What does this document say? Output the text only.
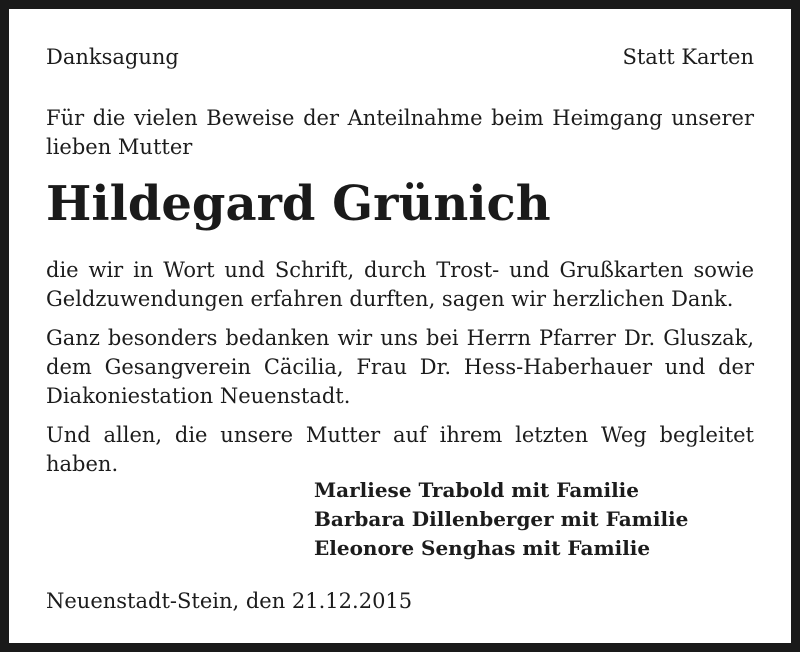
Danksagung	Statt Karten
Für die vielen Beweise der Anteilnahme beim Heimgang unserer lieben Mutter
Hildegard Grünich
die wir in Wort und Schrift, durch Trost- und Grußkarten sowie Geldzuwendungen erfahren durften, sagen wir herzlichen Dank.
Ganz besonders bedanken wir uns bei Herrn Pfarrer Dr. Gluszak, dem Gesangverein Cäcilia, Frau Dr. Hess-Haberhauer und der Diakoniestation Neuenstadt.
Und allen, die unsere Mutter auf ihrem letzten Weg begleitet haben.
Marliese Trabold mit Familie
Barbara Dillenberger mit Familie
Eleonore Senghas mit Familie
Neuenstadt-Stein, den 21.12.2015
